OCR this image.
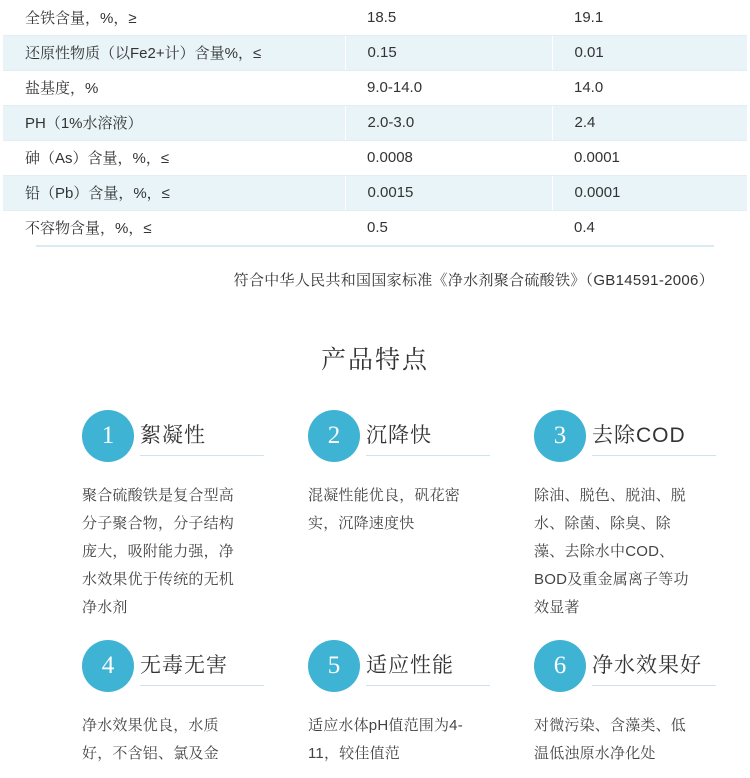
全铁含量，%，≥	18.5	19.1
还原性物质（以Fe2+计）含量%，≤	0.15	0.01
盐基度，%	9.0-14.0	14.0
PH（1%水溶液）	2.0-3.0	2.4
砷（As）含量，%，≤	0.0008	0.0001
铅（Pb）含量，%，≤	0.0015	0.0001
不容物含量，%，≤	0.5	0.4
符合中华人民共和国国家标准《净水剂聚合硫酸铁》（GB14591-2006）
产品特点
1	絮凝性
聚合硫酸铁是复合型高分子聚合物，分子结构庞大，吸附能力强，净水效果优于传统的无机净水剂
2	沉降快
混凝性能优良，矾花密实，沉降速度快
3	去除COD
除油、脱色、脱油、脱水、除菌、除臭、除藻、去除水中COD、BOD及重金属离子等功效显著
4	无毒无害
净水效果优良，水质好，不含铝、氯及金
5	适应性能
适应水体pH值范围为4-11，较佳值范
6	净水效果好
对微污染、含藻类、低温低浊原水净化处
